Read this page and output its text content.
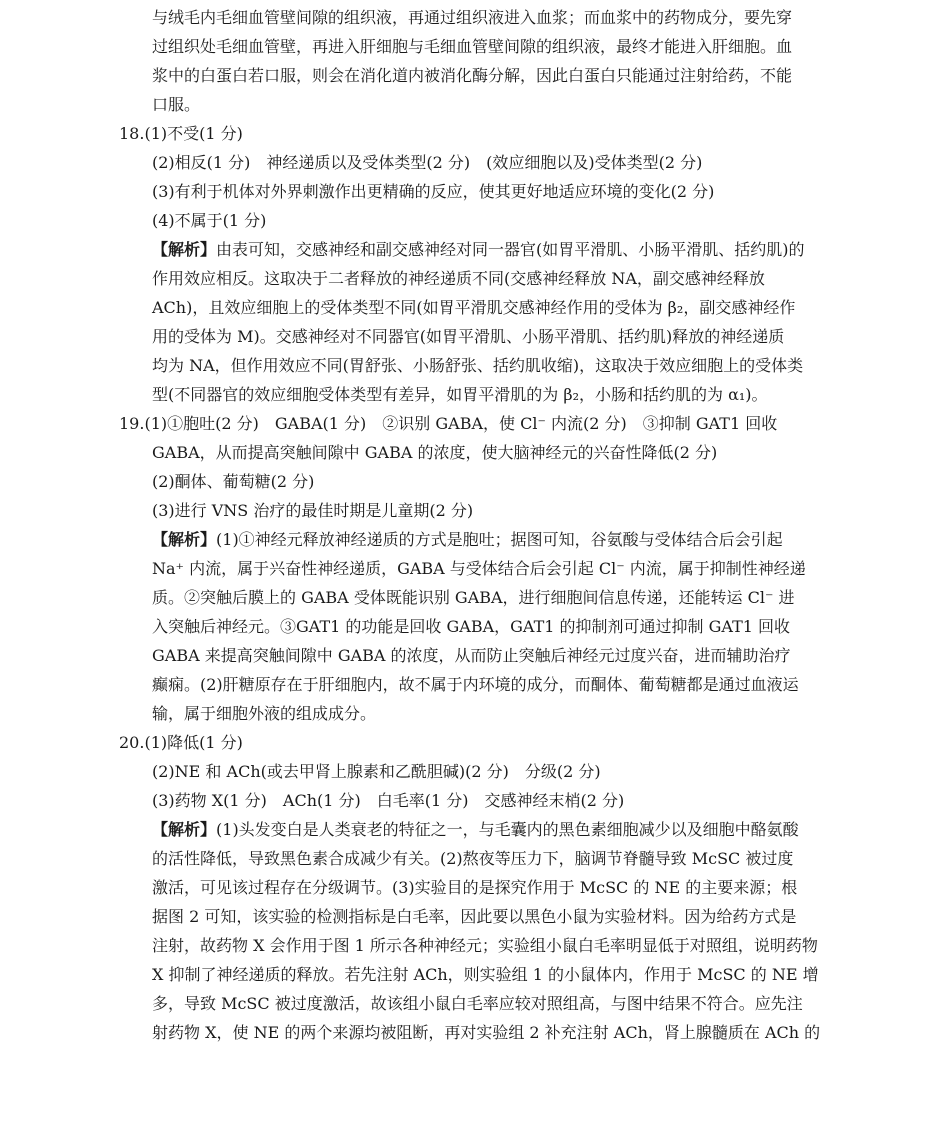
与绒毛内毛细血管壁间隙的组织液，再通过组织液进入血浆；而血浆中的药物成分，要先穿
过组织处毛细血管壁，再进入肝细胞与毛细血管壁间隙的组织液，最终才能进入肝细胞。血
浆中的白蛋白若口服，则会在消化道内被消化酶分解，因此白蛋白只能通过注射给药，不能
口服。
18.(1)不受(1 分)
(2)相反(1 分)　神经递质以及受体类型(2 分)　(效应细胞以及)受体类型(2 分)
(3)有利于机体对外界刺激作出更精确的反应，使其更好地适应环境的变化(2 分)
(4)不属于(1 分)
【解析】由表可知，交感神经和副交感神经对同一器官(如胃平滑肌、小肠平滑肌、括约肌)的
作用效应相反。这取决于二者释放的神经递质不同(交感神经释放 NA，副交感神经释放
ACh)，且效应细胞上的受体类型不同(如胃平滑肌交感神经作用的受体为 β₂，副交感神经作
用的受体为 M)。交感神经对不同器官(如胃平滑肌、小肠平滑肌、括约肌)释放的神经递质
均为 NA，但作用效应不同(胃舒张、小肠舒张、括约肌收缩)，这取决于效应细胞上的受体类
型(不同器官的效应细胞受体类型有差异，如胃平滑肌的为 β₂，小肠和括约肌的为 α₁)。
19.(1)①胞吐(2 分)　GABA(1 分)　②识别 GABA，使 Cl⁻ 内流(2 分)　③抑制 GAT1 回收
GABA，从而提高突触间隙中 GABA 的浓度，使大脑神经元的兴奋性降低(2 分)
(2)酮体、葡萄糖(2 分)
(3)进行 VNS 治疗的最佳时期是儿童期(2 分)
【解析】(1)①神经元释放神经递质的方式是胞吐；据图可知，谷氨酸与受体结合后会引起
Na⁺ 内流，属于兴奋性神经递质，GABA 与受体结合后会引起 Cl⁻ 内流，属于抑制性神经递
质。②突触后膜上的 GABA 受体既能识别 GABA，进行细胞间信息传递，还能转运 Cl⁻ 进
入突触后神经元。③GAT1 的功能是回收 GABA，GAT1 的抑制剂可通过抑制 GAT1 回收
GABA 来提高突触间隙中 GABA 的浓度，从而防止突触后神经元过度兴奋，进而辅助治疗
癫痫。(2)肝糖原存在于肝细胞内，故不属于内环境的成分，而酮体、葡萄糖都是通过血液运
输，属于细胞外液的组成成分。
20.(1)降低(1 分)
(2)NE 和 ACh(或去甲肾上腺素和乙酰胆碱)(2 分)　分级(2 分)
(3)药物 X(1 分)　ACh(1 分)　白毛率(1 分)　交感神经末梢(2 分)
【解析】(1)头发变白是人类衰老的特征之一，与毛囊内的黑色素细胞减少以及细胞中酪氨酸
的活性降低，导致黑色素合成减少有关。(2)熬夜等压力下，脑调节脊髓导致 McSC 被过度
激活，可见该过程存在分级调节。(3)实验目的是探究作用于 McSC 的 NE 的主要来源；根
据图 2 可知，该实验的检测指标是白毛率，因此要以黑色小鼠为实验材料。因为给药方式是
注射，故药物 X 会作用于图 1 所示各种神经元；实验组小鼠白毛率明显低于对照组，说明药物
X 抑制了神经递质的释放。若先注射 ACh，则实验组 1 的小鼠体内，作用于 McSC 的 NE 增
多，导致 McSC 被过度激活，故该组小鼠白毛率应较对照组高，与图中结果不符合。应先注
射药物 X，使 NE 的两个来源均被阻断，再对实验组 2 补充注射 ACh，肾上腺髓质在 ACh 的
